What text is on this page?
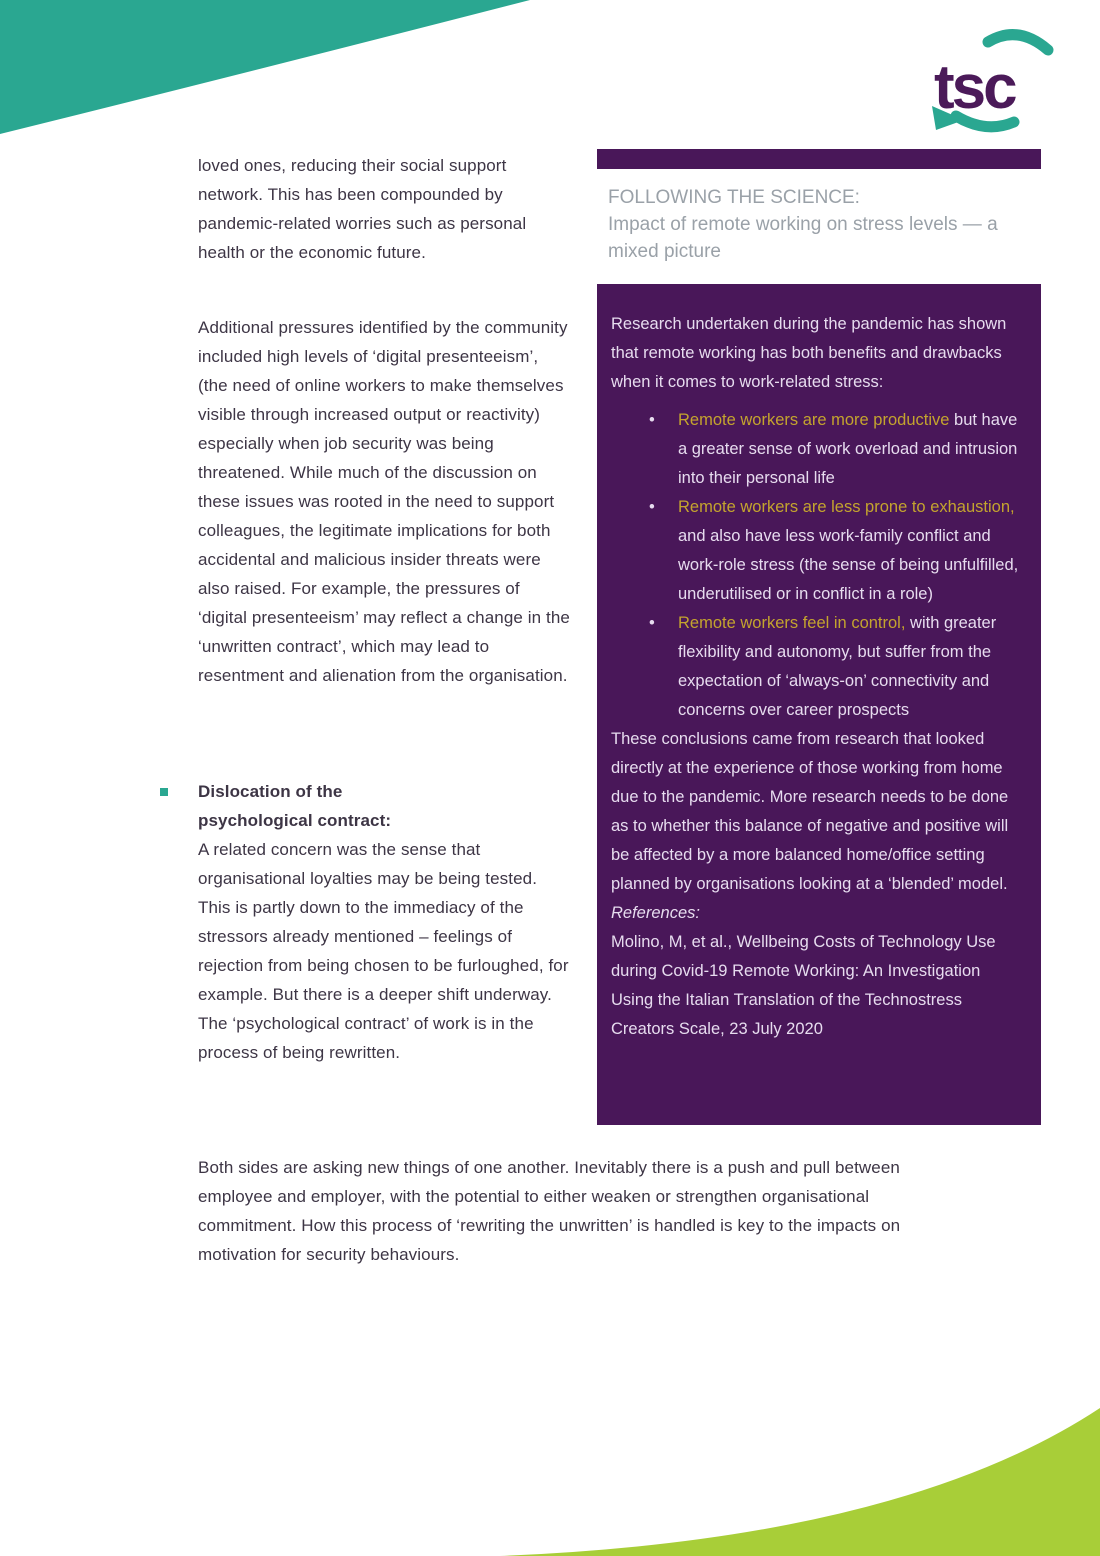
tsc

loved ones, reducing their social support network. This has been compounded by pandemic-related worries such as personal health or the economic future.

Additional pressures identified by the community included high levels of ‘digital presenteeism’, (the need of online workers to make themselves visible through increased output or reactivity) especially when job security was being threatened. While much of the discussion on these issues was rooted in the need to support colleagues, the legitimate implications for both accidental and malicious insider threats were also raised. For example, the pressures of ‘digital presenteeism’ may reflect a change in the ‘unwritten contract’, which may lead to resentment and alienation from the organisation.

Dislocation of the
psychological contract:
A related concern was the sense that organisational loyalties may be being tested. This is partly down to the immediacy of the stressors already mentioned – feelings of rejection from being chosen to be furloughed, for example. But there is a deeper shift underway. The ‘psychological contract’ of work is in the process of being rewritten.
FOLLOWING THE SCIENCE:
Impact of remote working on stress levels — a mixed picture

Research undertaken during the pandemic has shown that remote working has both benefits and drawbacks when it comes to work-related stress:

• Remote workers are more productive but have a greater sense of work overload and intrusion into their personal life
• Remote workers are less prone to exhaustion, and also have less work-family conflict and work-role stress (the sense of being unfulfilled, underutilised or in conflict in a role)
• Remote workers feel in control, with greater flexibility and autonomy, but suffer from the expectation of ‘always-on’ connectivity and concerns over career prospects

These conclusions came from research that looked directly at the experience of those working from home due to the pandemic. More research needs to be done as to whether this balance of negative and positive will be affected by a more balanced home/office setting planned by organisations looking at a ‘blended’ model.

References:

Molino, M, et al., Wellbeing Costs of Technology Use during Covid-19 Remote Working: An Investigation Using the Italian Translation of the Technostress Creators Scale, 23 July 2020

Both sides are asking new things of one another. Inevitably there is a push and pull between employee and employer, with the potential to either weaken or strengthen organisational commitment. How this process of ‘rewriting the unwritten’ is handled is key to the impacts on motivation for security behaviours.
